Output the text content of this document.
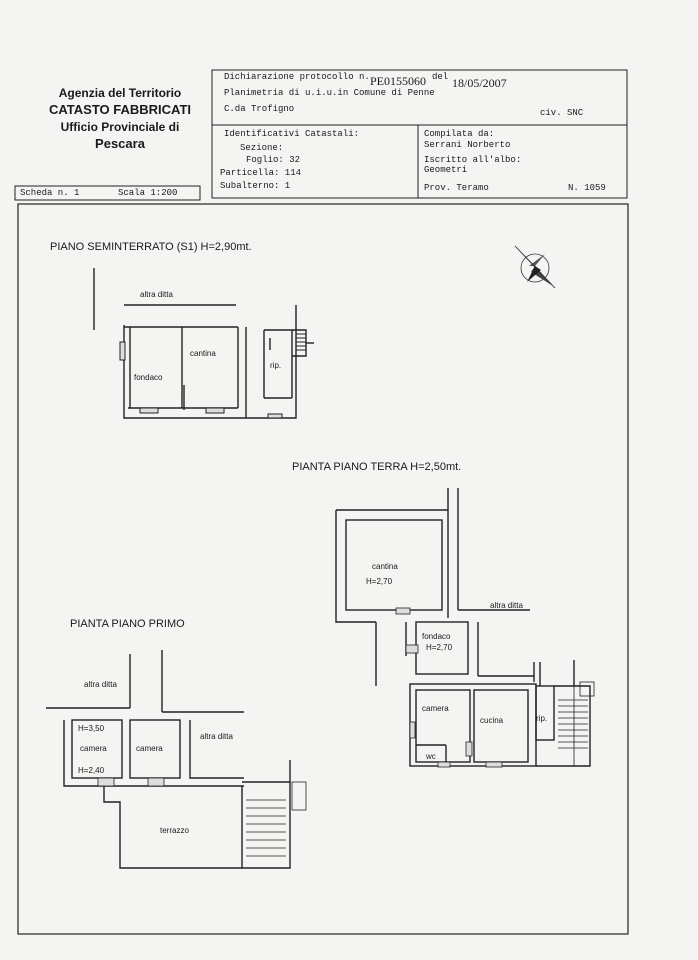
Agenzia del Territorio
CATASTO FABBRICATI
Ufficio Provinciale di
Pescara
Dichiarazione protocollo n. PE0155060 del 18/05/2007
Planimetria di u.i.u.in Comune di Penne
C.da Trofigno	civ. SNC
Identificativi Catastali:
Sezione:
Foglio: 32
Particella: 114
Subalterno: 1
Compilata da:
Serrani Norberto
Iscritto all'albo:
Geometri
Prov. Teramo	N. 1059
Scheda n. 1	Scala 1:200
PIANO SEMINTERRATO (S1) H=2,90mt.
altra ditta
cantina
fondaco
rip.
PIANTA PIANO TERRA H=2,50mt.
cantina
H=2,70
altra ditta
fondaco
H=2,70
camera
cucina	rip.
wc
PIANTA PIANO PRIMO
altra ditta
altra ditta
H=3,50
camera
H=2,40
camera
terrazzo
